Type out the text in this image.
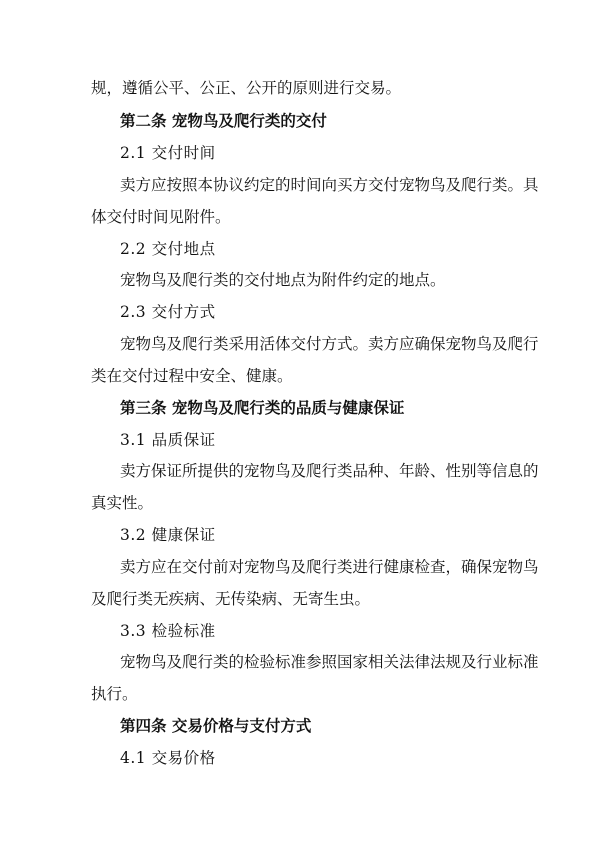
规，遵循公平、公正、公开的原则进行交易。
第二条 宠物鸟及爬行类的交付
2.1 交付时间
卖方应按照本协议约定的时间向买方交付宠物鸟及爬行类。具
体交付时间见附件。
2.2 交付地点
宠物鸟及爬行类的交付地点为附件约定的地点。
2.3 交付方式
宠物鸟及爬行类采用活体交付方式。卖方应确保宠物鸟及爬行
类在交付过程中安全、健康。
第三条 宠物鸟及爬行类的品质与健康保证
3.1 品质保证
卖方保证所提供的宠物鸟及爬行类品种、年龄、性别等信息的
真实性。
3.2 健康保证
卖方应在交付前对宠物鸟及爬行类进行健康检查，确保宠物鸟
及爬行类无疾病、无传染病、无寄生虫。
3.3 检验标准
宠物鸟及爬行类的检验标准参照国家相关法律法规及行业标准
执行。
第四条 交易价格与支付方式
4.1 交易价格
